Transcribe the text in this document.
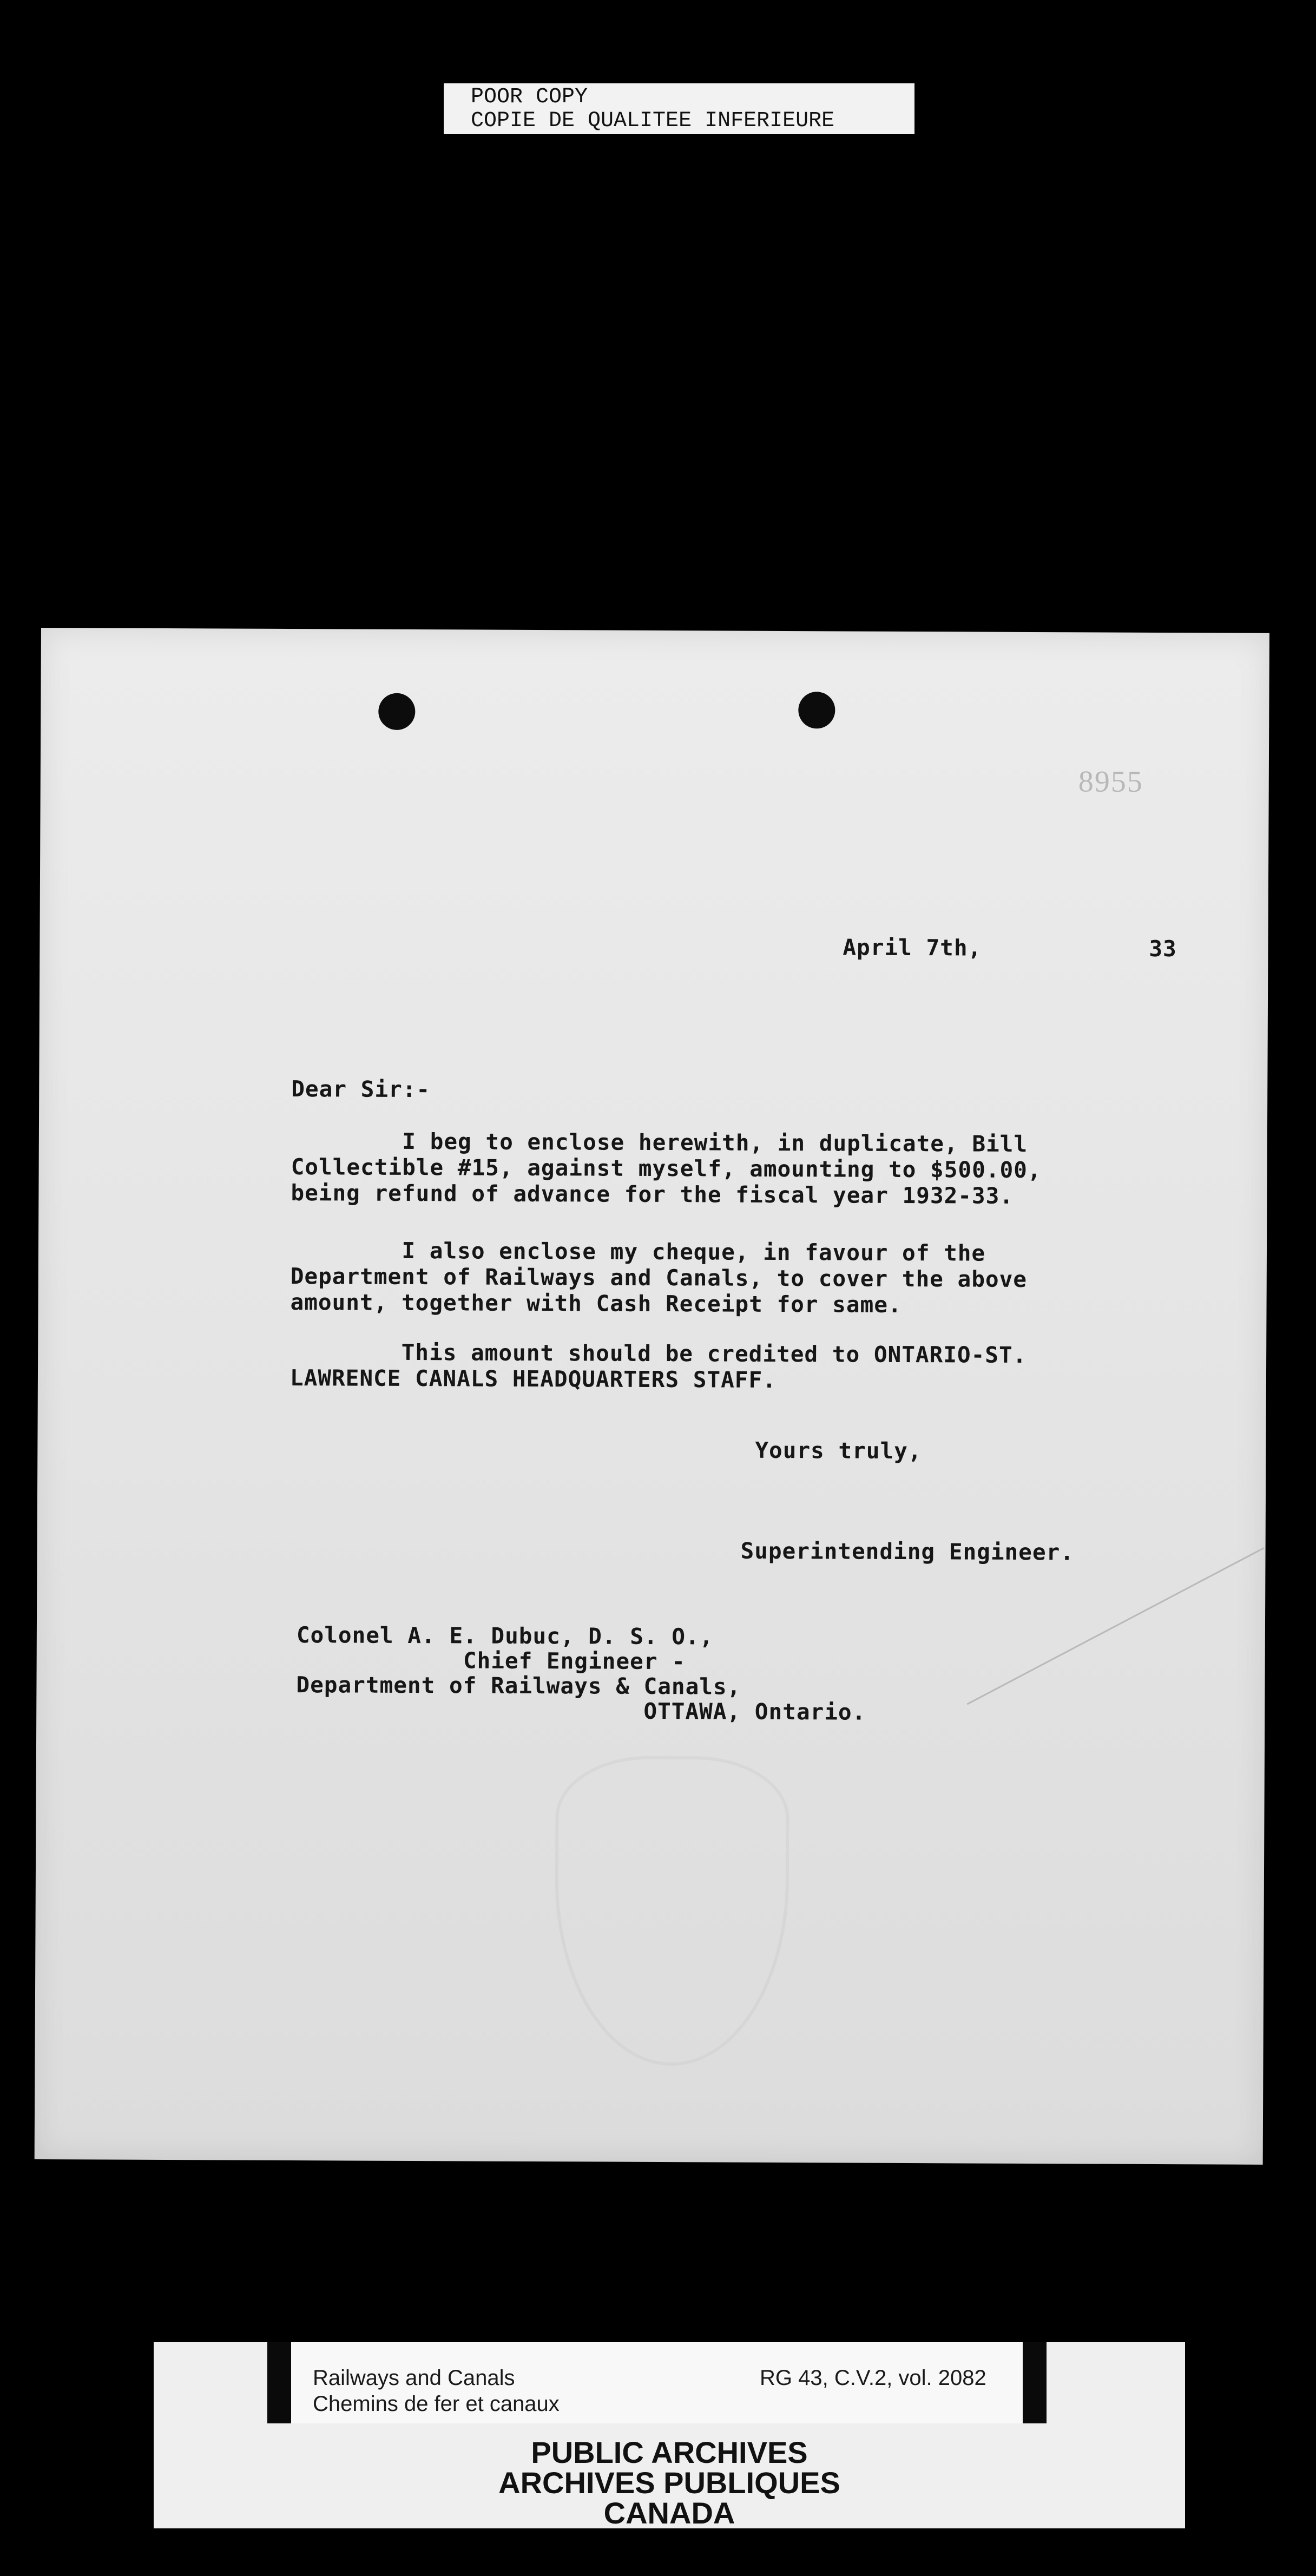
POOR COPY
COPIE DE QUALITEE INFERIEURE
8955
April 7th,	33
Dear Sir:-
I beg to enclose herewith, in duplicate, Bill
Collectible #15, against myself, amounting to $500.00,
being refund of advance for the fiscal year 1932-33.
I also enclose my cheque, in favour of the
Department of Railways and Canals, to cover the above
amount, together with Cash Receipt for same.
This amount should be credited to ONTARIO-ST.
LAWRENCE CANALS HEADQUARTERS STAFF.
Yours truly,
Superintending Engineer.
Colonel A. E. Dubuc, D. S. O.,
Chief Engineer -
Department of Railways & Canals,
OTTAWA, Ontario.
Railways and Canals
Chemins de fer et canaux
RG 43, C.V.2, vol. 2082
PUBLIC ARCHIVES
ARCHIVES PUBLIQUES
CANADA
